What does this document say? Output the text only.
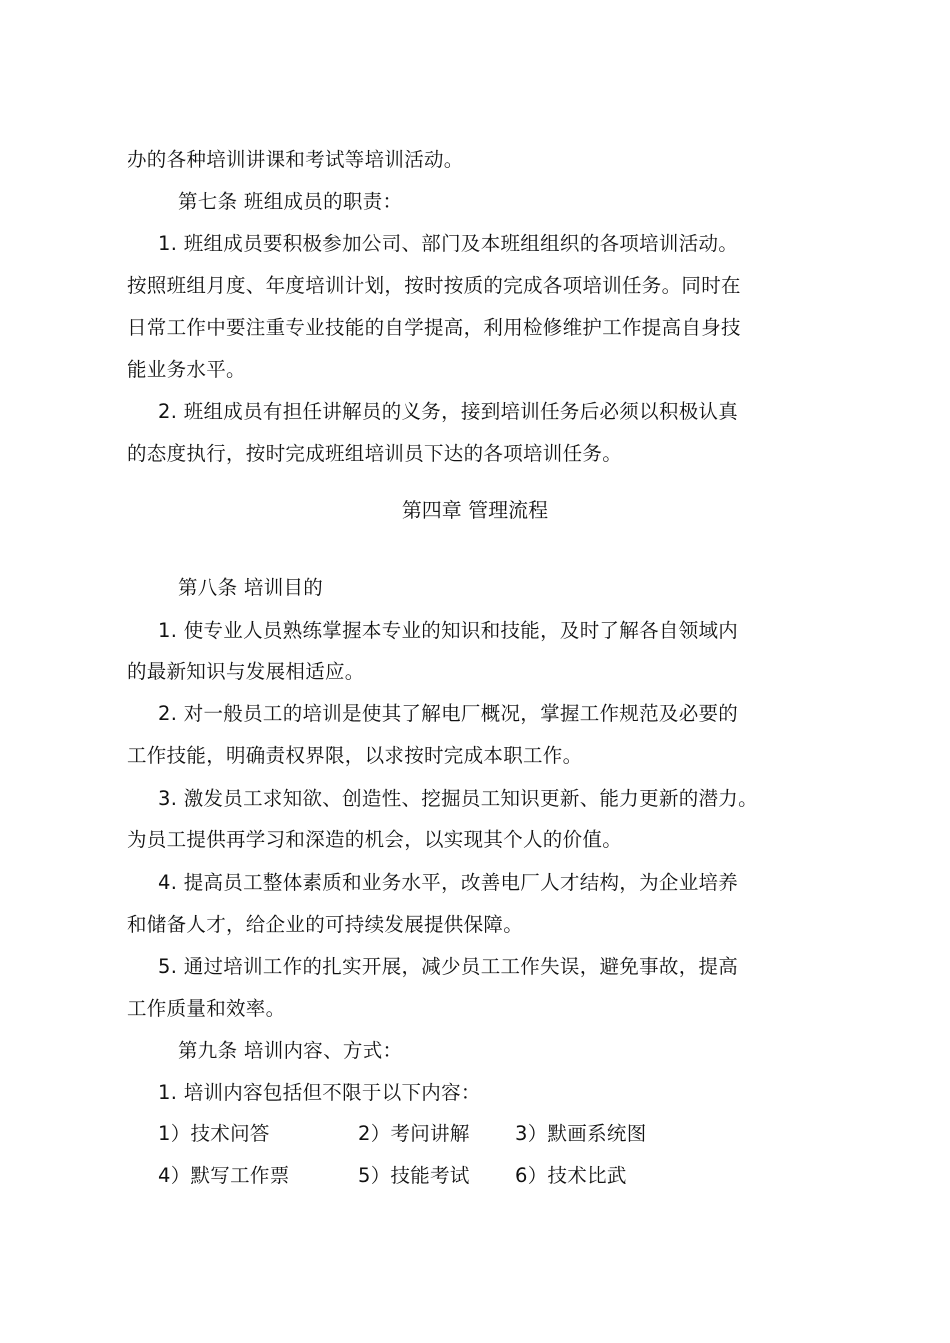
办的各种培训讲课和考试等培训活动。
第七条 班组成员的职责：
1. 班组成员要积极参加公司、部门及本班组组织的各项培训活动。
按照班组月度、年度培训计划，按时按质的完成各项培训任务。同时在
日常工作中要注重专业技能的自学提高，利用检修维护工作提高自身技
能业务水平。
2. 班组成员有担任讲解员的义务，接到培训任务后必须以积极认真
的态度执行，按时完成班组培训员下达的各项培训任务。
第四章 管理流程
第八条 培训目的
1. 使专业人员熟练掌握本专业的知识和技能，及时了解各自领域内
的最新知识与发展相适应。
2. 对一般员工的培训是使其了解电厂概况，掌握工作规范及必要的
工作技能，明确责权界限，以求按时完成本职工作。
3. 激发员工求知欲、创造性、挖掘员工知识更新、能力更新的潜力。
为员工提供再学习和深造的机会，以实现其个人的价值。
4. 提高员工整体素质和业务水平，改善电厂人才结构，为企业培养
和储备人才，给企业的可持续发展提供保障。
5. 通过培训工作的扎实开展，减少员工工作失误，避免事故，提高
工作质量和效率。
第九条 培训内容、方式：
1. 培训内容包括但不限于以下内容：
1）技术问答	2）考问讲解 3）默画系统图
4）默写工作票	5）技能考试 6）技术比武
